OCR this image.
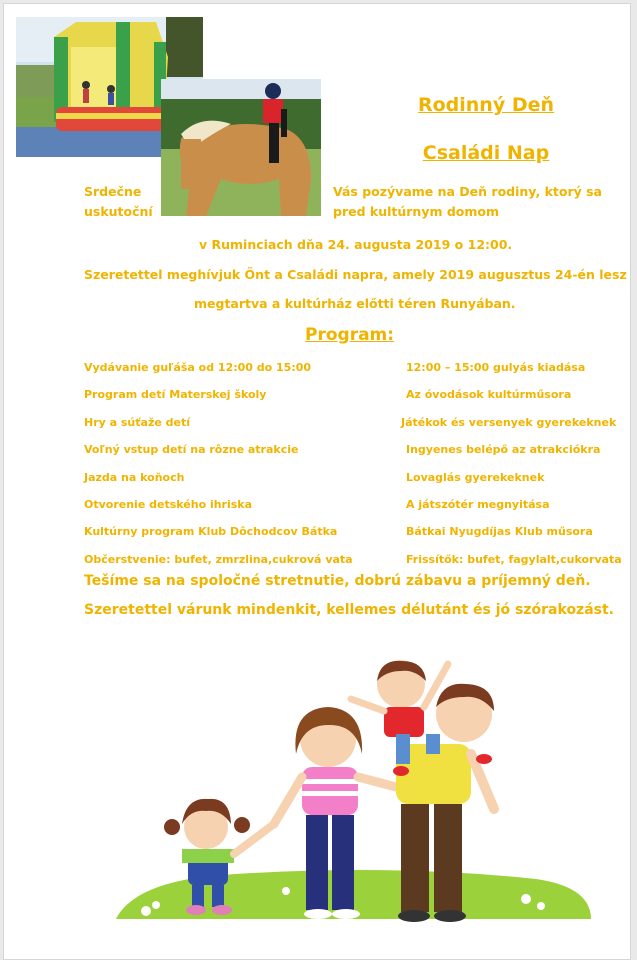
Rodinný Deň
Családi Nap
Srdečne
uskutoční
Vás pozývame na Deň rodiny, ktorý sa
pred kultúrnym domom
v Ruminciach dňa 24. augusta 2019 o 12:00.
Szeretettel meghívjuk Önt a Családi napra, amely 2019 augusztus 24-én lesz
megtartva a kultúrház előtti téren Runyában.
Program:
Vydávanie guľáša od 12:00 do 15:00	12:00 – 15:00 gulyás kiadása
Program detí Materskej školy	Az óvodások kultúrműsora
Hry a súťaže detí	Játékok és versenyek gyerekeknek
Voľný vstup detí na rôzne atrakcie	Ingyenes belépő az atrakciókra
Jazda na koňoch	Lovaglás gyerekeknek
Otvorenie detského ihriska	A játszótér megnyitása
Kultúrny program Klub Dôchodcov Bátka	Bátkai Nyugdíjas Klub műsora
Občerstvenie: bufet, zmrzlina,cukrová vata	Frissítők: bufet, fagylalt,cukorvata
Tešíme sa na spoločné stretnutie, dobrú zábavu a príjemný deň.
Szeretettel várunk mindenkit, kellemes délutánt és jó szórakozást.
